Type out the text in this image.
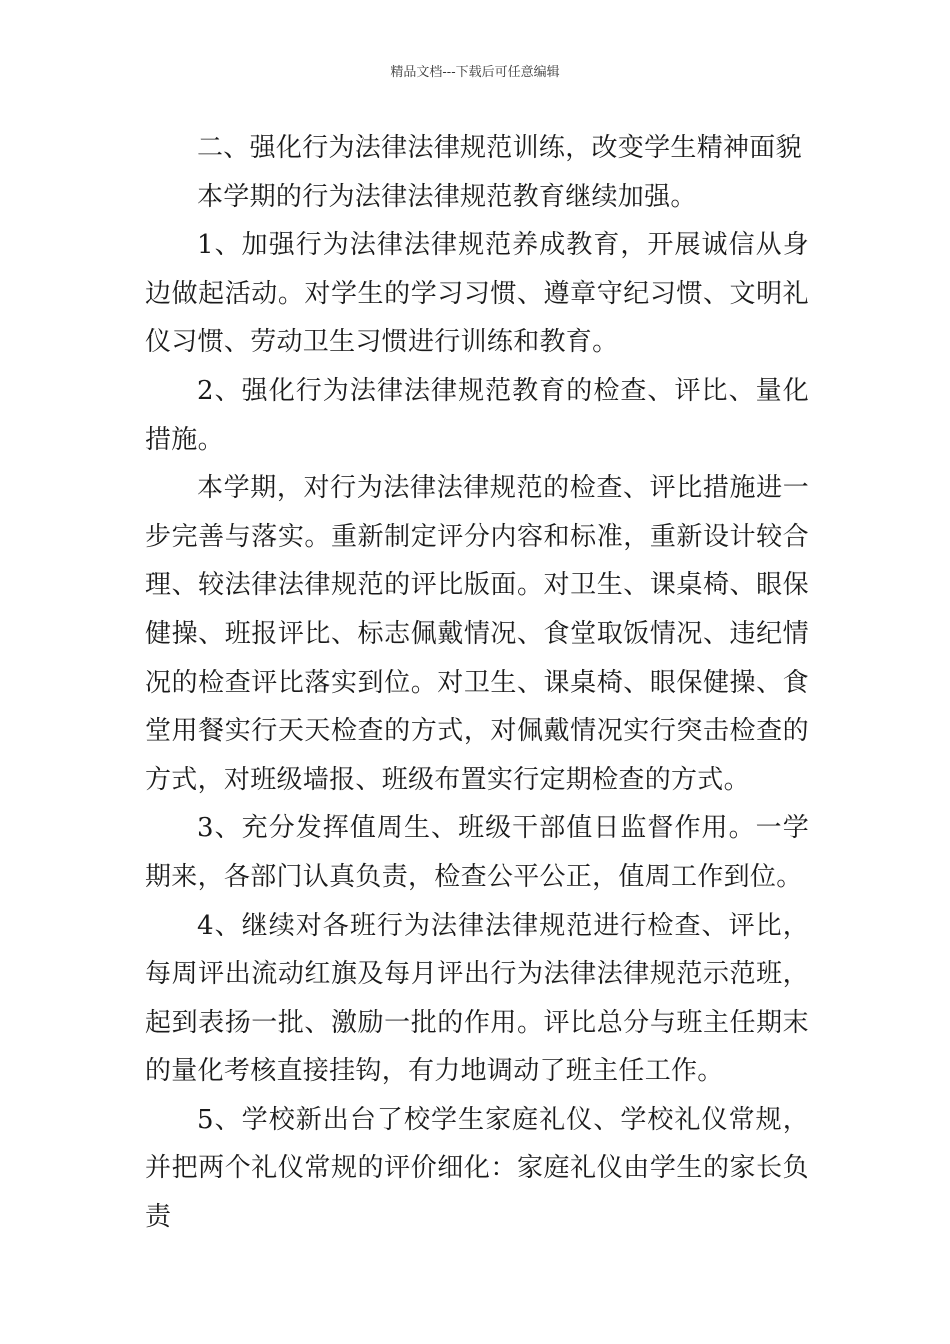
精品文档---下载后可任意编辑

二、强化行为法律法律规范训练，改变学生精神面貌

本学期的行为法律法律规范教育继续加强。

1、加强行为法律法律规范养成教育，开展诚信从身边做起活动。对学生的学习习惯、遵章守纪习惯、文明礼仪习惯、劳动卫生习惯进行训练和教育。

2、强化行为法律法律规范教育的检查、评比、量化措施。

本学期，对行为法律法律规范的检查、评比措施进一步完善与落实。重新制定评分内容和标准，重新设计较合理、较法律法律规范的评比版面。对卫生、课桌椅、眼保健操、班报评比、标志佩戴情况、食堂取饭情况、违纪情况的检查评比落实到位。对卫生、课桌椅、眼保健操、食堂用餐实行天天检查的方式，对佩戴情况实行突击检查的方式，对班级墙报、班级布置实行定期检查的方式。

3、充分发挥值周生、班级干部值日监督作用。一学期来，各部门认真负责，检查公平公正，值周工作到位。

4、继续对各班行为法律法律规范进行检查、评比，每周评出流动红旗及每月评出行为法律法律规范示范班，起到表扬一批、激励一批的作用。评比总分与班主任期末的量化考核直接挂钩，有力地调动了班主任工作。

5、学校新出台了校学生家庭礼仪、学校礼仪常规，并把两个礼仪常规的评价细化：家庭礼仪由学生的家长负责
